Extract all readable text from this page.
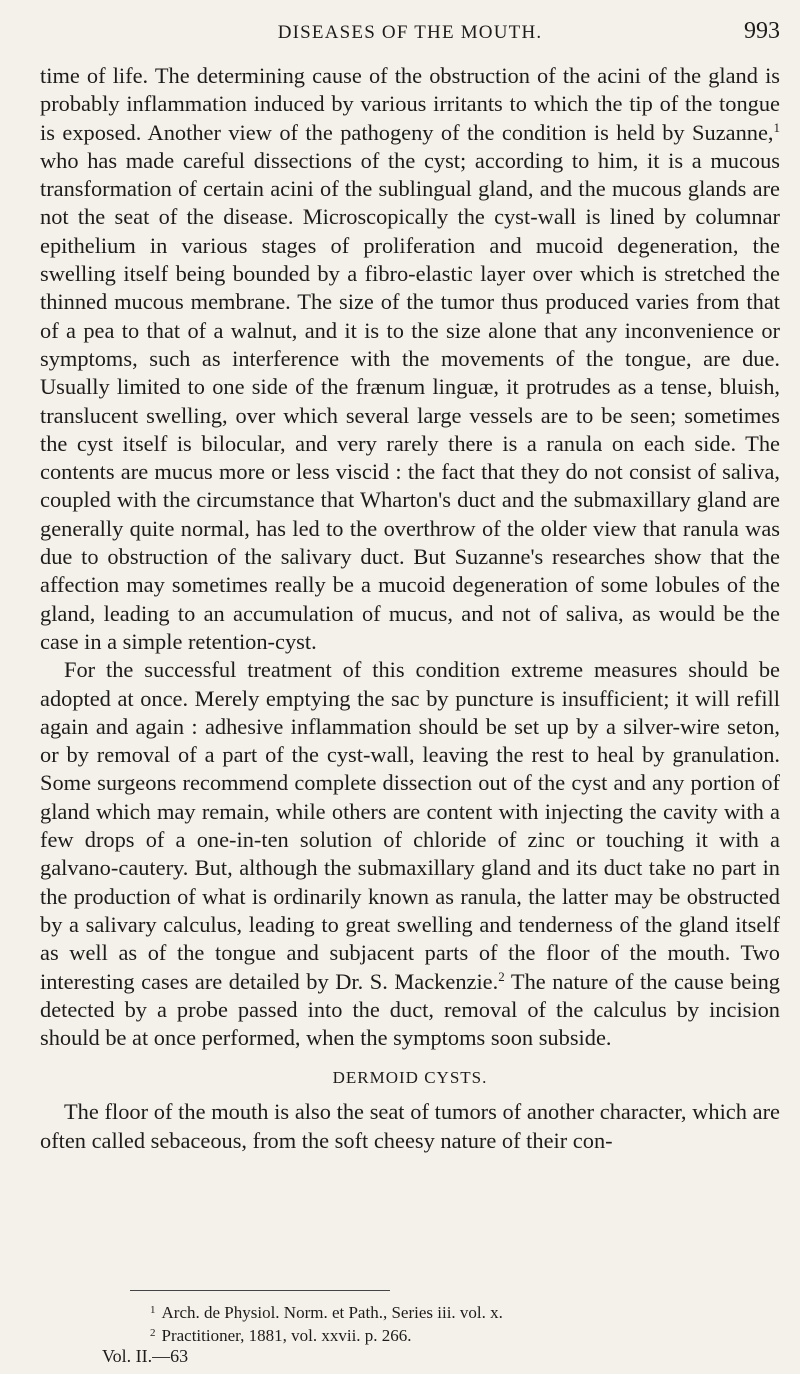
DISEASES OF THE MOUTH.	993

time of life. The determining cause of the obstruction of the acini of the gland is probably inflammation induced by various irritants to which the tip of the tongue is exposed. Another view of the pathogeny of the condition is held by Suzanne,$^1$ who has made careful dissections of the cyst; according to him, it is a mucous transformation of certain acini of the sublingual gland, and the mucous glands are not the seat of the disease. Microscopically the cyst-wall is lined by columnar epithelium in various stages of proliferation and mucoid degeneration, the swelling itself being bounded by a fibro-elastic layer over which is stretched the thinned mucous membrane. The size of the tumor thus produced varies from that of a pea to that of a walnut, and it is to the size alone that any inconvenience or symptoms, such as interference with the movements of the tongue, are due. Usually limited to one side of the frænum linguæ, it protrudes as a tense, bluish, translucent swelling, over which several large vessels are to be seen; sometimes the cyst itself is bilocular, and very rarely there is a ranula on each side. The contents are mucus more or less viscid : the fact that they do not consist of saliva, coupled with the circumstance that Wharton's duct and the submaxillary gland are generally quite normal, has led to the overthrow of the older view that ranula was due to obstruction of the salivary duct. But Suzanne's researches show that the affection may sometimes really be a mucoid degeneration of some lobules of the gland, leading to an accumulation of mucus, and not of saliva, as would be the case in a simple retention-cyst.

For the successful treatment of this condition extreme measures should be adopted at once. Merely emptying the sac by puncture is insufficient; it will refill again and again : adhesive inflammation should be set up by a silver-wire seton, or by removal of a part of the cyst-wall, leaving the rest to heal by granulation. Some surgeons recommend complete dissection out of the cyst and any portion of gland which may remain, while others are content with injecting the cavity with a few drops of a one-in-ten solution of chloride of zinc or touching it with a galvano-cautery. But, although the submaxillary gland and its duct take no part in the production of what is ordinarily known as ranula, the latter may be obstructed by a salivary calculus, leading to great swelling and tenderness of the gland itself as well as of the tongue and subjacent parts of the floor of the mouth. Two interesting cases are detailed by Dr. S. Mackenzie.$^2$ The nature of the cause being detected by a probe passed into the duct, removal of the calculus by incision should be at once performed, when the symptoms soon subside.

DERMOID CYSTS.

The floor of the mouth is also the seat of tumors of another character, which are often called sebaceous, from the soft cheesy nature of their con-

$^1$ Arch. de Physiol. Norm. et Path., Series iii. vol. x.

$^2$ Practitioner, 1881, vol. xxvii. p. 266.

Vol. II.—63
